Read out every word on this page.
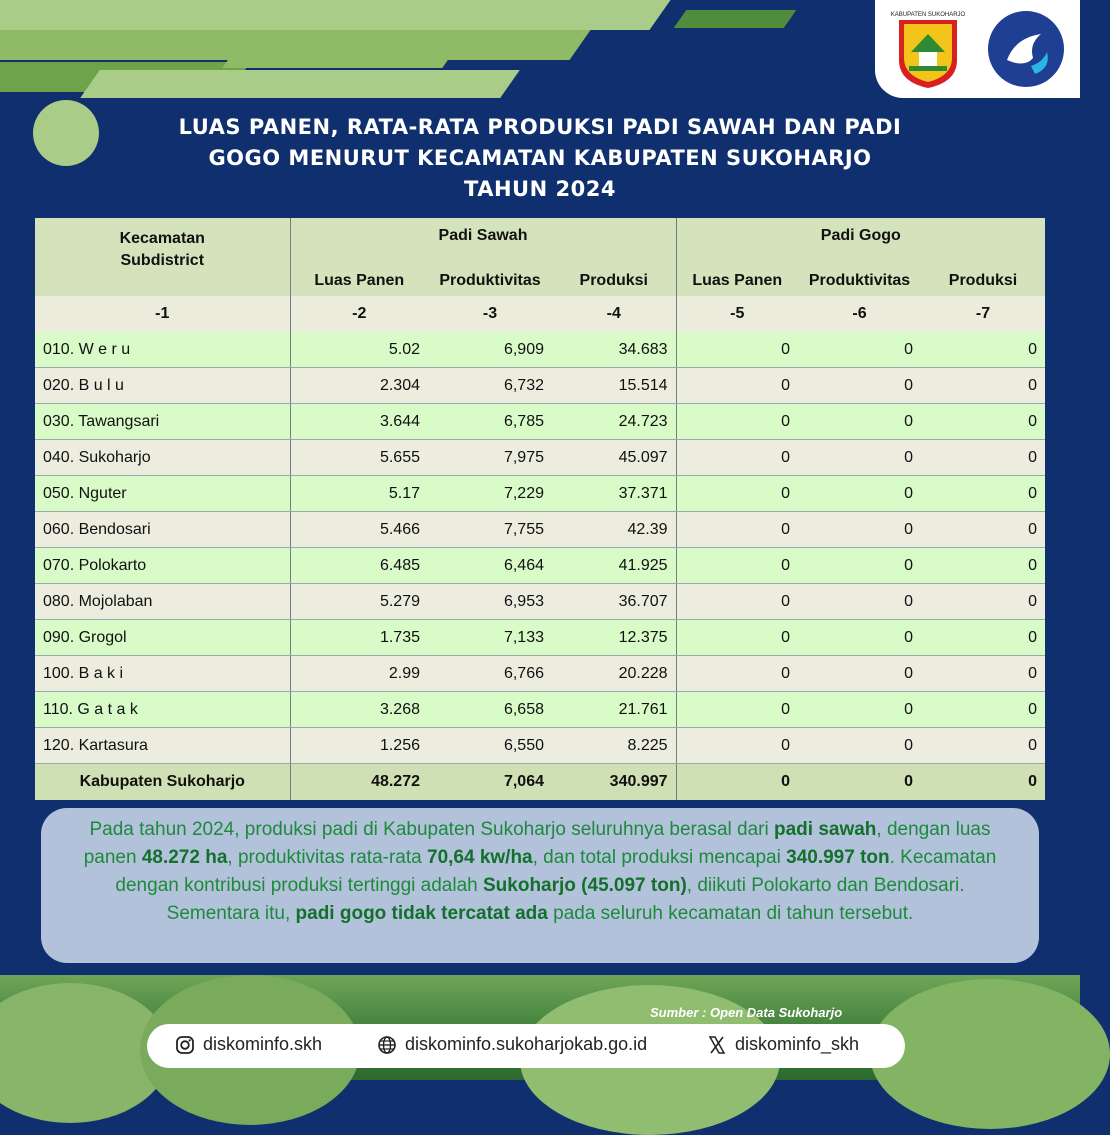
KABUPATEN SUKOHARJO
LUAS PANEN, RATA-RATA PRODUKSI PADI SAWAH DAN PADI
GOGO MENURUT KECAMATAN KABUPATEN SUKOHARJO
TAHUN 2024
Kecamatan
Subdistrict	Padi Sawah			Padi Gogo		
	Luas Panen	Produktivitas	Produksi	Luas Panen	Produktivitas	Produksi
-1	-2	-3	-4	-5	-6	-7
010. W e r u	5.02	6,909	34.683	0	0	0
020. B u l u	2.304	6,732	15.514	0	0	0
030. Tawangsari	3.644	6,785	24.723	0	0	0
040. Sukoharjo	5.655	7,975	45.097	0	0	0
050. Nguter	5.17	7,229	37.371	0	0	0
060. Bendosari	5.466	7,755	42.39	0	0	0
070. Polokarto	6.485	6,464	41.925	0	0	0
080. Mojolaban	5.279	6,953	36.707	0	0	0
090. Grogol	1.735	7,133	12.375	0	0	0
100. B a k i	2.99	6,766	20.228	0	0	0
110. G a t a k	3.268	6,658	21.761	0	0	0
120. Kartasura	1.256	6,550	8.225	0	0	0
Kabupaten Sukoharjo	48.272	7,064	340.997	0	0	0
Pada tahun 2024, produksi padi di Kabupaten Sukoharjo seluruhnya berasal dari padi sawah, dengan luas panen 48.272 ha, produktivitas rata-rata 70,64 kw/ha, dan total produksi mencapai 340.997 ton. Kecamatan dengan kontribusi produksi tertinggi adalah Sukoharjo (45.097 ton), diikuti Polokarto dan Bendosari. Sementara itu, padi gogo tidak tercatat ada pada seluruh kecamatan di tahun tersebut.
Sumber : Open Data Sukoharjo
diskominfo.skh	diskominfo.sukoharjokab.go.id	diskominfo_skh
